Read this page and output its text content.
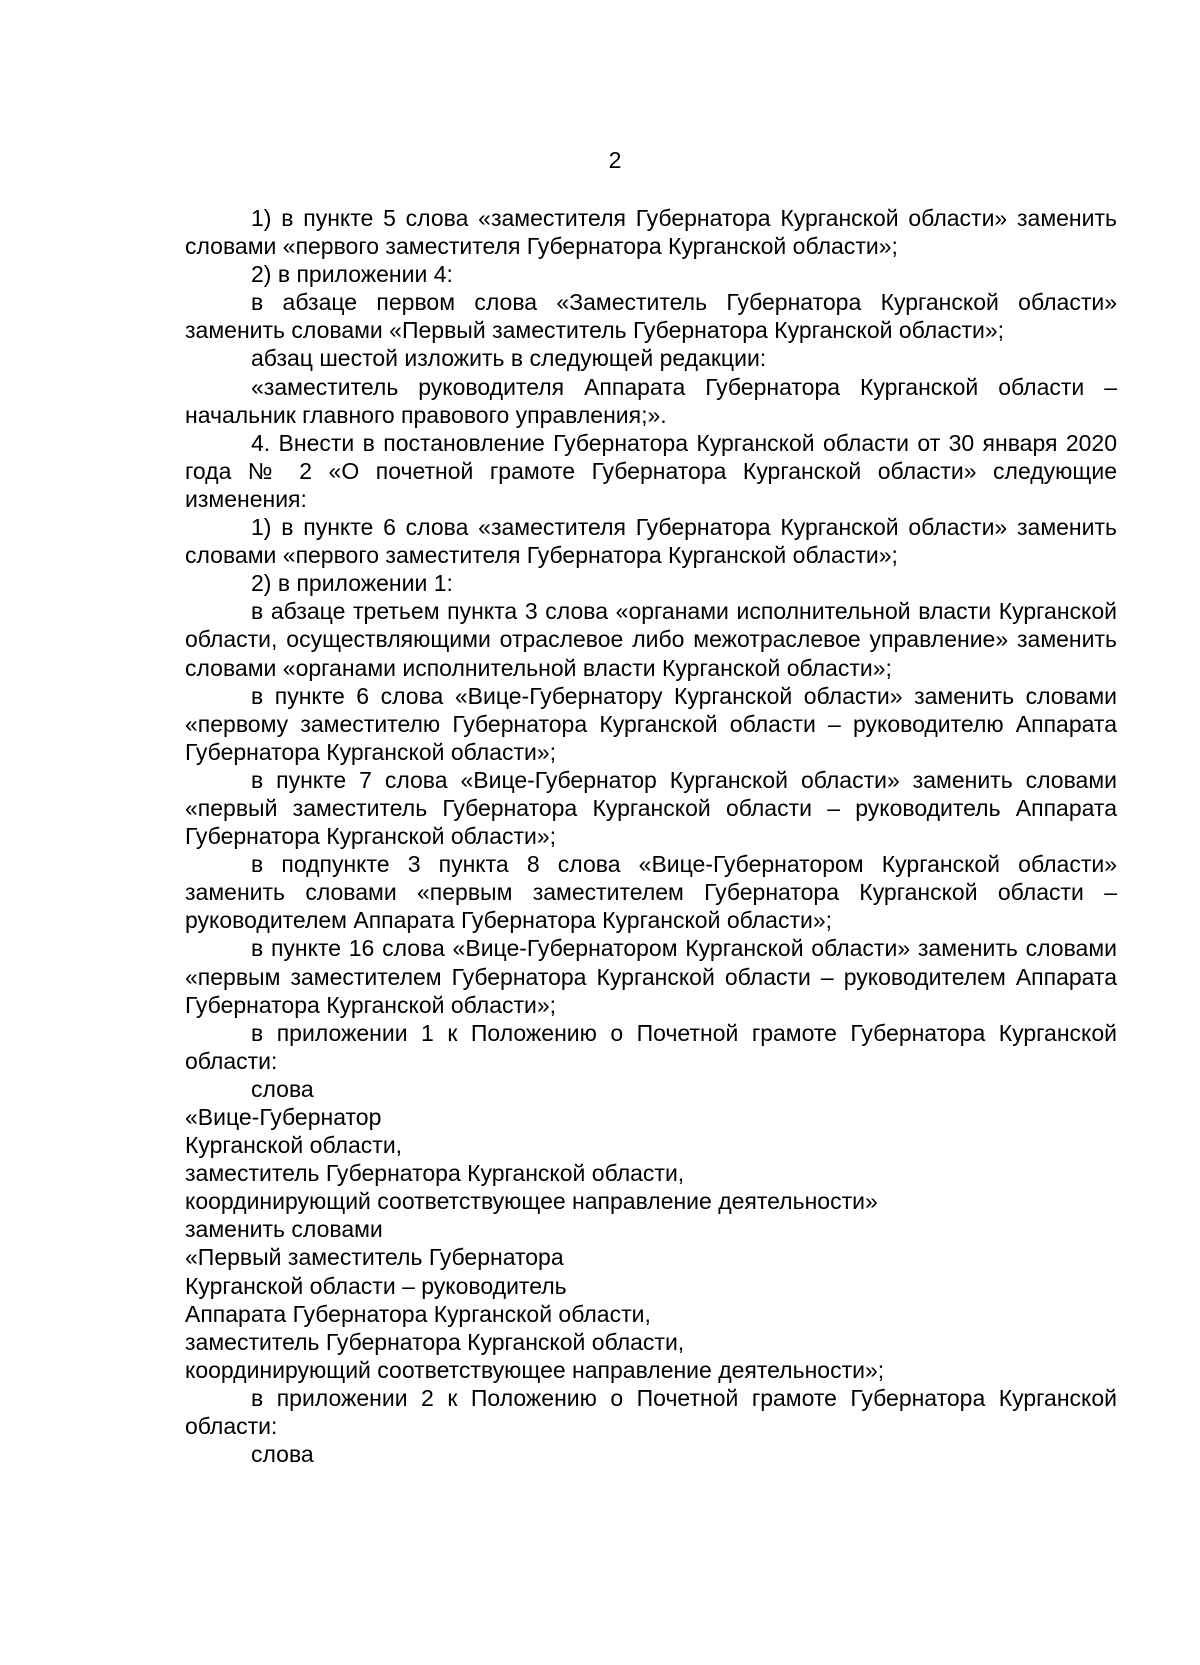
2

1) в пункте 5 слова «заместителя Губернатора Курганской области» заменить словами «первого заместителя Губернатора Курганской области»;

2) в приложении 4:

в абзаце первом слова «Заместитель Губернатора Курганской области» заменить словами «Первый заместитель Губернатора Курганской области»;

абзац шестой изложить в следующей редакции:

«заместитель руководителя Аппарата Губернатора Курганской области – начальник главного правового управления;».

4. Внести в постановление Губернатора Курганской области от 30 января 2020 года № 2 «О почетной грамоте Губернатора Курганской области» следующие изменения:

1) в пункте 6 слова «заместителя Губернатора Курганской области» заменить словами «первого заместителя Губернатора Курганской области»;

2) в приложении 1:

в абзаце третьем пункта 3 слова «органами исполнительной власти Курганской области, осуществляющими отраслевое либо межотраслевое управление» заменить словами «органами исполнительной власти Курганской области»;

в пункте 6 слова «Вице-Губернатору Курганской области» заменить словами «первому заместителю Губернатора Курганской области – руководителю Аппарата Губернатора Курганской области»;

в пункте 7 слова «Вице-Губернатор Курганской области» заменить словами «первый заместитель Губернатора Курганской области – руководитель Аппарата Губернатора Курганской области»;

в подпункте 3 пункта 8 слова «Вице-Губернатором Курганской области» заменить словами «первым заместителем Губернатора Курганской области – руководителем Аппарата Губернатора Курганской области»;

в пункте 16 слова «Вице-Губернатором Курганской области» заменить словами «первым заместителем Губернатора Курганской области – руководителем Аппарата Губернатора Курганской области»;

в приложении 1 к Положению о Почетной грамоте Губернатора Курганской области:

слова

«Вице-Губернатор

Курганской области,

заместитель Губернатора Курганской области,

координирующий соответствующее направление деятельности»

заменить словами

«Первый заместитель Губернатора

Курганской области – руководитель

Аппарата Губернатора Курганской области,

заместитель Губернатора Курганской области,

координирующий соответствующее направление деятельности»;

в приложении 2 к Положению о Почетной грамоте Губернатора Курганской области:

слова
